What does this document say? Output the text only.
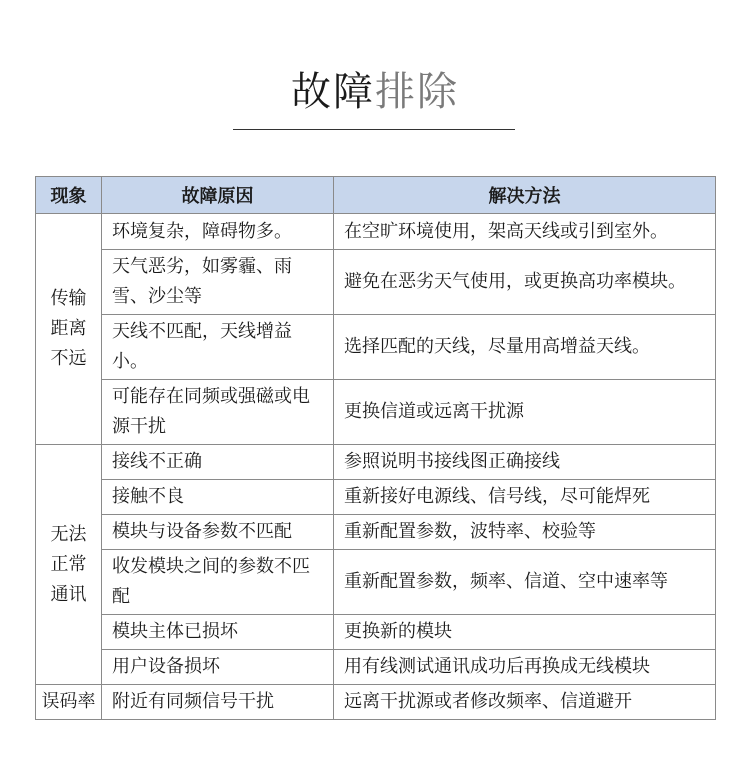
故障排除
现象	故障原因	解决方法

传输距离不远	环境复杂，障碍物多。	在空旷环境使用，架高天线或引到室外。
	天气恶劣，如雾霾、雨雪、沙尘等	避免在恶劣天气使用，或更换高功率模块。
	天线不匹配，天线增益小。	选择匹配的天线，尽量用高增益天线。
	可能存在同频或强磁或电源干扰	更换信道或远离干扰源

无法正常通讯	接线不正确	参照说明书接线图正确接线
	接触不良	重新接好电源线、信号线，尽可能焊死
	模块与设备参数不匹配	重新配置参数，波特率、校验等
	收发模块之间的参数不匹配	重新配置参数，频率、信道、空中速率等
	模块主体已损坏	更换新的模块
	用户设备损坏	用有线测试通讯成功后再换成无线模块
误码率	附近有同频信号干扰	远离干扰源或者修改频率、信道避开
